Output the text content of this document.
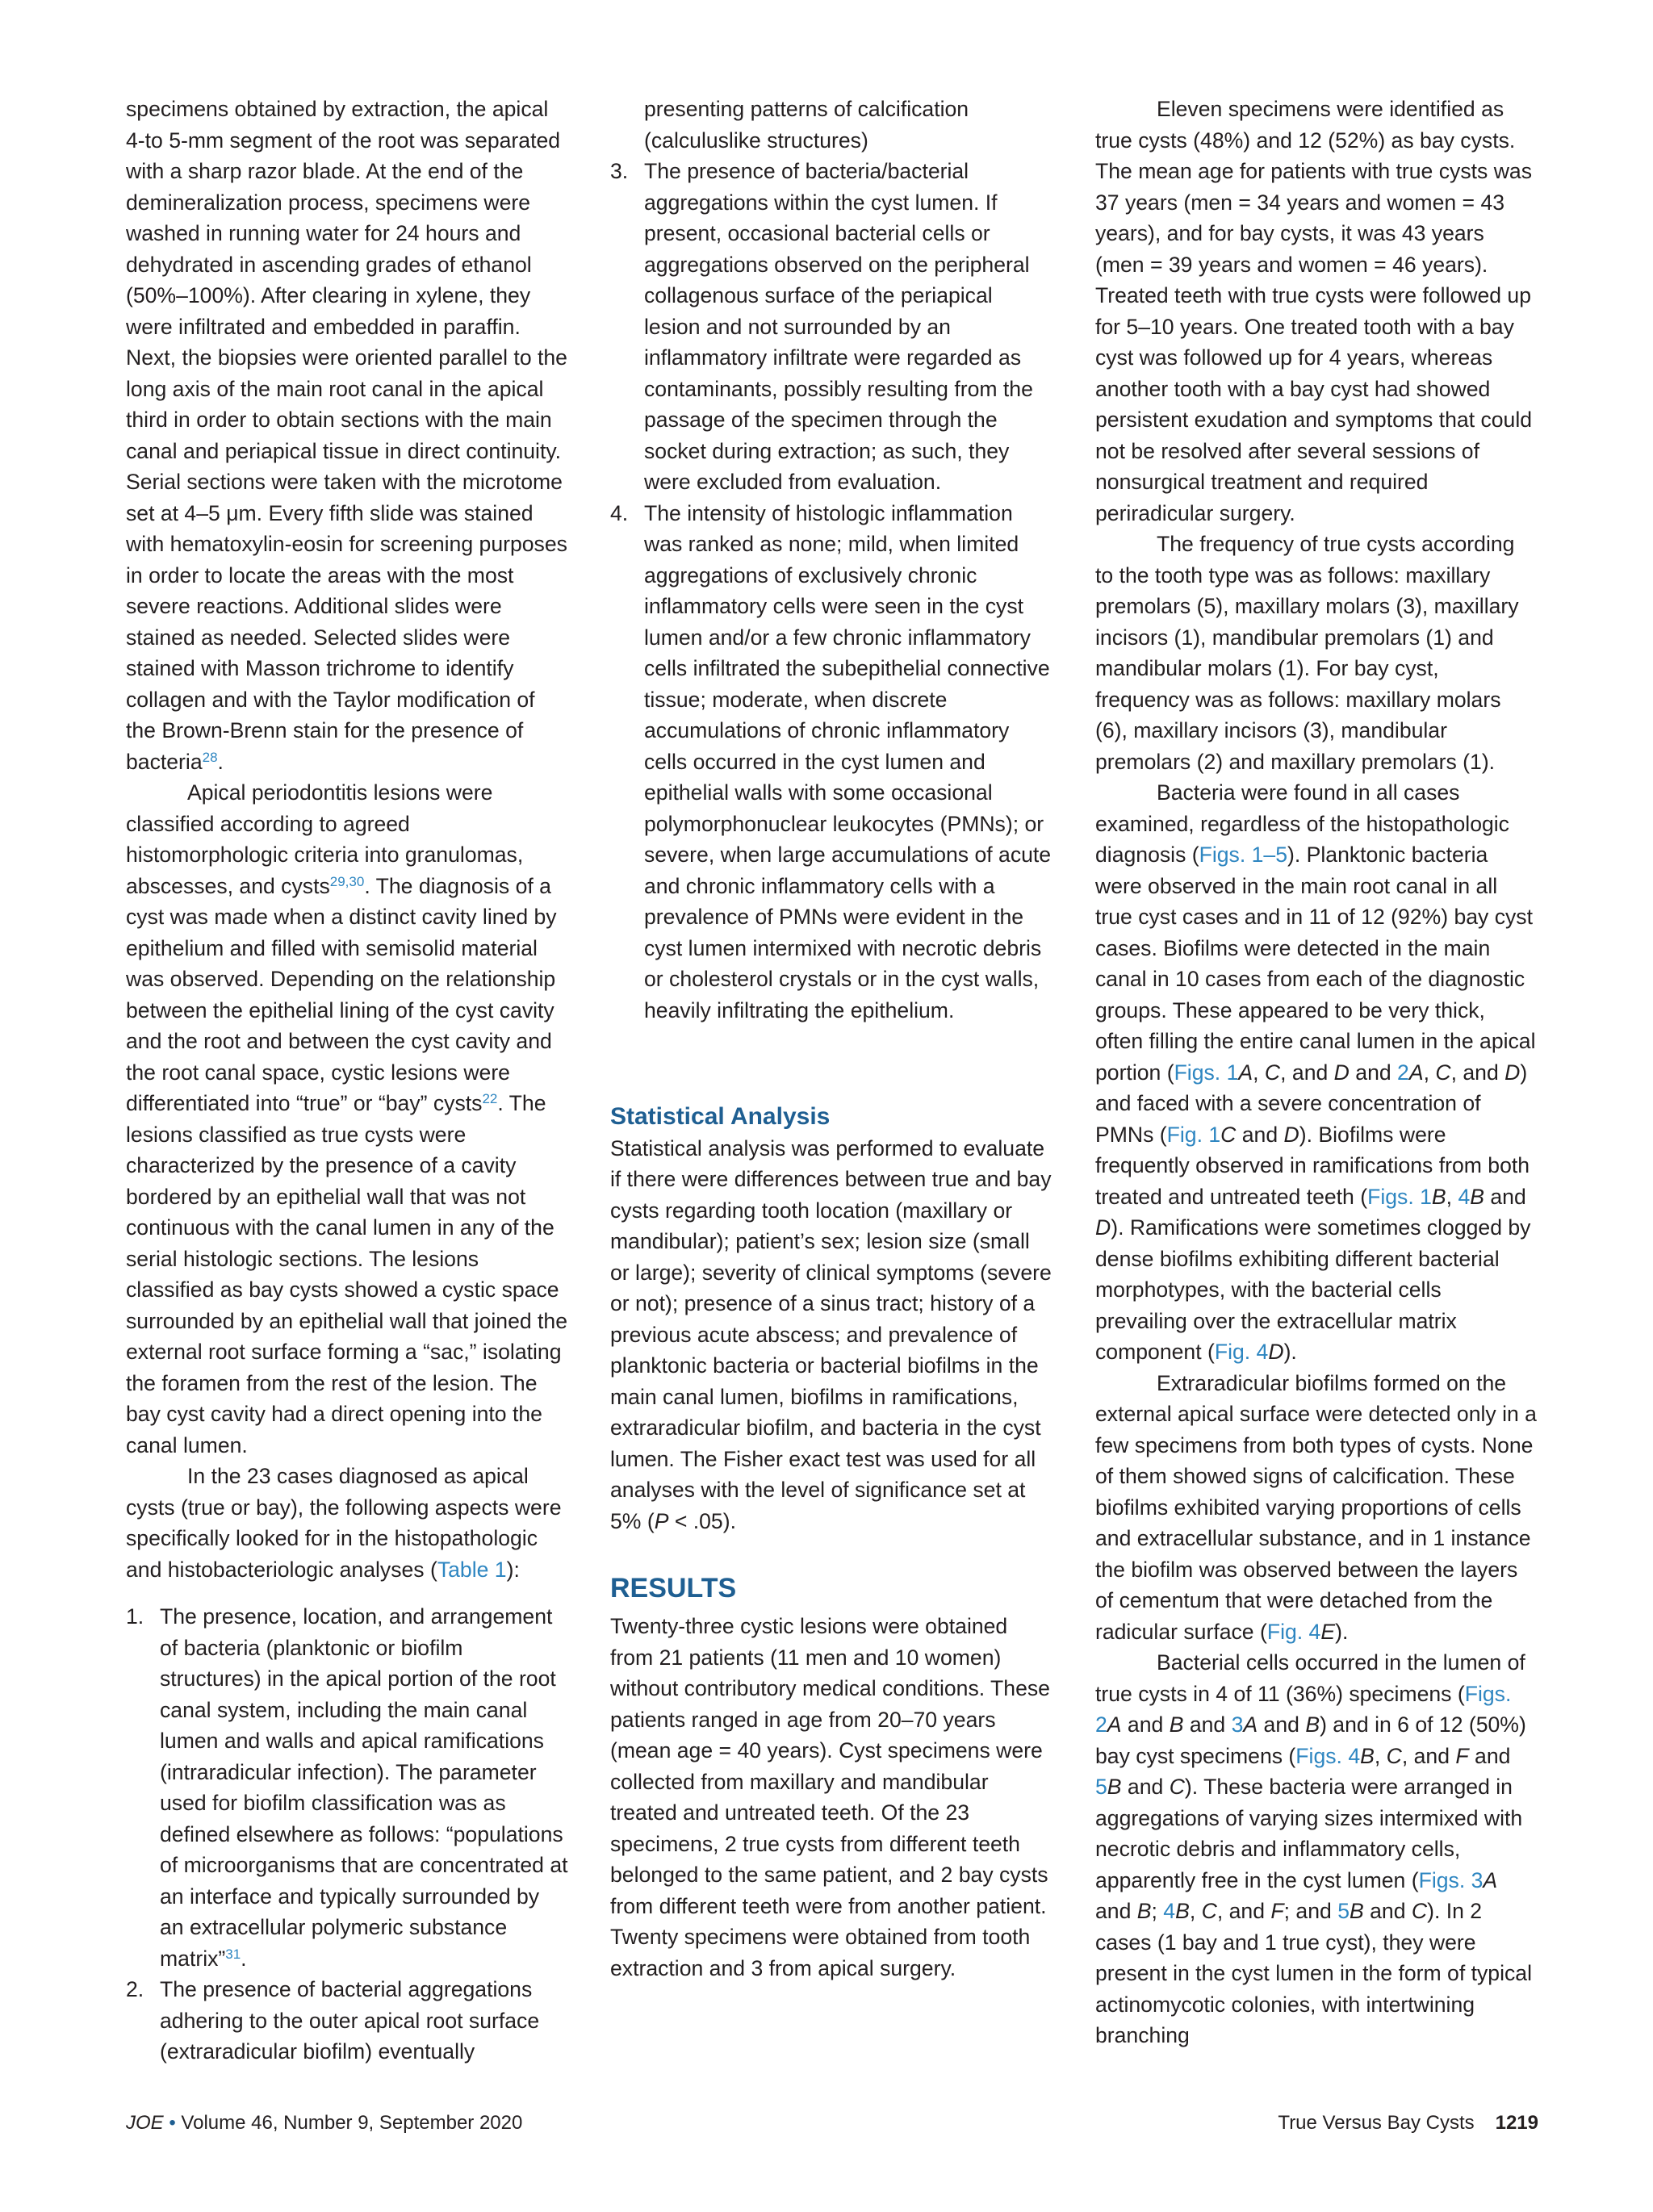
specimens obtained by extraction, the apical 4-to 5-mm segment of the root was separated with a sharp razor blade. At the end of the demineralization process, specimens were washed in running water for 24 hours and dehydrated in ascending grades of ethanol (50%–100%). After clearing in xylene, they were infiltrated and embedded in paraffin. Next, the biopsies were oriented parallel to the long axis of the main root canal in the apical third in order to obtain sections with the main canal and periapical tissue in direct continuity. Serial sections were taken with the microtome set at 4–5 μm. Every fifth slide was stained with hematoxylin-eosin for screening purposes in order to locate the areas with the most severe reactions. Additional slides were stained as needed. Selected slides were stained with Masson trichrome to identify collagen and with the Taylor modification of the Brown-Brenn stain for the presence of bacteria$^{28}$.

Apical periodontitis lesions were classified according to agreed histomorphologic criteria into granulomas, abscesses, and cysts$^{29,30}$. The diagnosis of a cyst was made when a distinct cavity lined by epithelium and filled with semisolid material was observed. Depending on the relationship between the epithelial lining of the cyst cavity and the root and between the cyst cavity and the root canal space, cystic lesions were differentiated into “true” or “bay” cysts$^{22}$. The lesions classified as true cysts were characterized by the presence of a cavity bordered by an epithelial wall that was not continuous with the canal lumen in any of the serial histologic sections. The lesions classified as bay cysts showed a cystic space surrounded by an epithelial wall that joined the external root surface forming a “sac,” isolating the foramen from the rest of the lesion. The bay cyst cavity had a direct opening into the canal lumen.

In the 23 cases diagnosed as apical cysts (true or bay), the following aspects were specifically looked for in the histopathologic and histobacteriologic analyses (Table 1):

1. The presence, location, and arrangement of bacteria (planktonic or biofilm structures) in the apical portion of the root canal system, including the main canal lumen and walls and apical ramifications (intraradicular infection). The parameter used for biofilm classification was as defined elsewhere as follows: “populations of microorganisms that are concentrated at an interface and typically surrounded by an extracellular polymeric substance matrix”$^{31}$.
2. The presence of bacterial aggregations adhering to the outer apical root surface (extraradicular biofilm) eventually
presenting patterns of calcification (calculuslike structures)
3. The presence of bacteria/bacterial aggregations within the cyst lumen. If present, occasional bacterial cells or aggregations observed on the peripheral collagenous surface of the periapical lesion and not surrounded by an inflammatory infiltrate were regarded as contaminants, possibly resulting from the passage of the specimen through the socket during extraction; as such, they were excluded from evaluation.
4. The intensity of histologic inflammation was ranked as none; mild, when limited aggregations of exclusively chronic inflammatory cells were seen in the cyst lumen and/or a few chronic inflammatory cells infiltrated the subepithelial connective tissue; moderate, when discrete accumulations of chronic inflammatory cells occurred in the cyst lumen and epithelial walls with some occasional polymorphonuclear leukocytes (PMNs); or severe, when large accumulations of acute and chronic inflammatory cells with a prevalence of PMNs were evident in the cyst lumen intermixed with necrotic debris or cholesterol crystals or in the cyst walls, heavily infiltrating the epithelium.
Statistical Analysis

Statistical analysis was performed to evaluate if there were differences between true and bay cysts regarding tooth location (maxillary or mandibular); patient’s sex; lesion size (small or large); severity of clinical symptoms (severe or not); presence of a sinus tract; history of a previous acute abscess; and prevalence of planktonic bacteria or bacterial biofilms in the main canal lumen, biofilms in ramifications, extraradicular biofilm, and bacteria in the cyst lumen. The Fisher exact test was used for all analyses with the level of significance set at 5% (P < .05).

RESULTS

Twenty-three cystic lesions were obtained from 21 patients (11 men and 10 women) without contributory medical conditions. These patients ranged in age from 20–70 years (mean age = 40 years). Cyst specimens were collected from maxillary and mandibular treated and untreated teeth. Of the 23 specimens, 2 true cysts from different teeth belonged to the same patient, and 2 bay cysts from different teeth were from another patient. Twenty specimens were obtained from tooth extraction and 3 from apical surgery.

Eleven specimens were identified as true cysts (48%) and 12 (52%) as bay cysts. The mean age for patients with true cysts was 37 years (men = 34 years and women = 43 years), and for bay cysts, it was 43 years (men = 39 years and women = 46 years). Treated teeth with true cysts were followed up for 5–10 years. One treated tooth with a bay cyst was followed up for 4 years, whereas another tooth with a bay cyst had showed persistent exudation and symptoms that could not be resolved after several sessions of nonsurgical treatment and required periradicular surgery.

The frequency of true cysts according to the tooth type was as follows: maxillary premolars (5), maxillary molars (3), maxillary incisors (1), mandibular premolars (1) and mandibular molars (1). For bay cyst, frequency was as follows: maxillary molars (6), maxillary incisors (3), mandibular premolars (2) and maxillary premolars (1).

Bacteria were found in all cases examined, regardless of the histopathologic diagnosis (Figs. 1–5). Planktonic bacteria were observed in the main root canal in all true cyst cases and in 11 of 12 (92%) bay cyst cases. Biofilms were detected in the main canal in 10 cases from each of the diagnostic groups. These appeared to be very thick, often filling the entire canal lumen in the apical portion (Figs. 1A, C, and D and 2A, C, and D) and faced with a severe concentration of PMNs (Fig. 1C and D). Biofilms were frequently observed in ramifications from both treated and untreated teeth (Figs. 1B, 4B and D). Ramifications were sometimes clogged by dense biofilms exhibiting different bacterial morphotypes, with the bacterial cells prevailing over the extracellular matrix component (Fig. 4D).

Extraradicular biofilms formed on the external apical surface were detected only in a few specimens from both types of cysts. None of them showed signs of calcification. These biofilms exhibited varying proportions of cells and extracellular substance, and in 1 instance the biofilm was observed between the layers of cementum that were detached from the radicular surface (Fig. 4E).

Bacterial cells occurred in the lumen of true cysts in 4 of 11 (36%) specimens (Figs. 2A and B and 3A and B) and in 6 of 12 (50%) bay cyst specimens (Figs. 4B, C, and F and 5B and C). These bacteria were arranged in aggregations of varying sizes intermixed with necrotic debris and inflammatory cells, apparently free in the cyst lumen (Figs. 3A and B; 4B, C, and F; and 5B and C). In 2 cases (1 bay and 1 true cyst), they were present in the cyst lumen in the form of typical actinomycotic colonies, with intertwining branching

JOE • Volume 46, Number 9, September 2020	True Versus Bay Cysts 1219
